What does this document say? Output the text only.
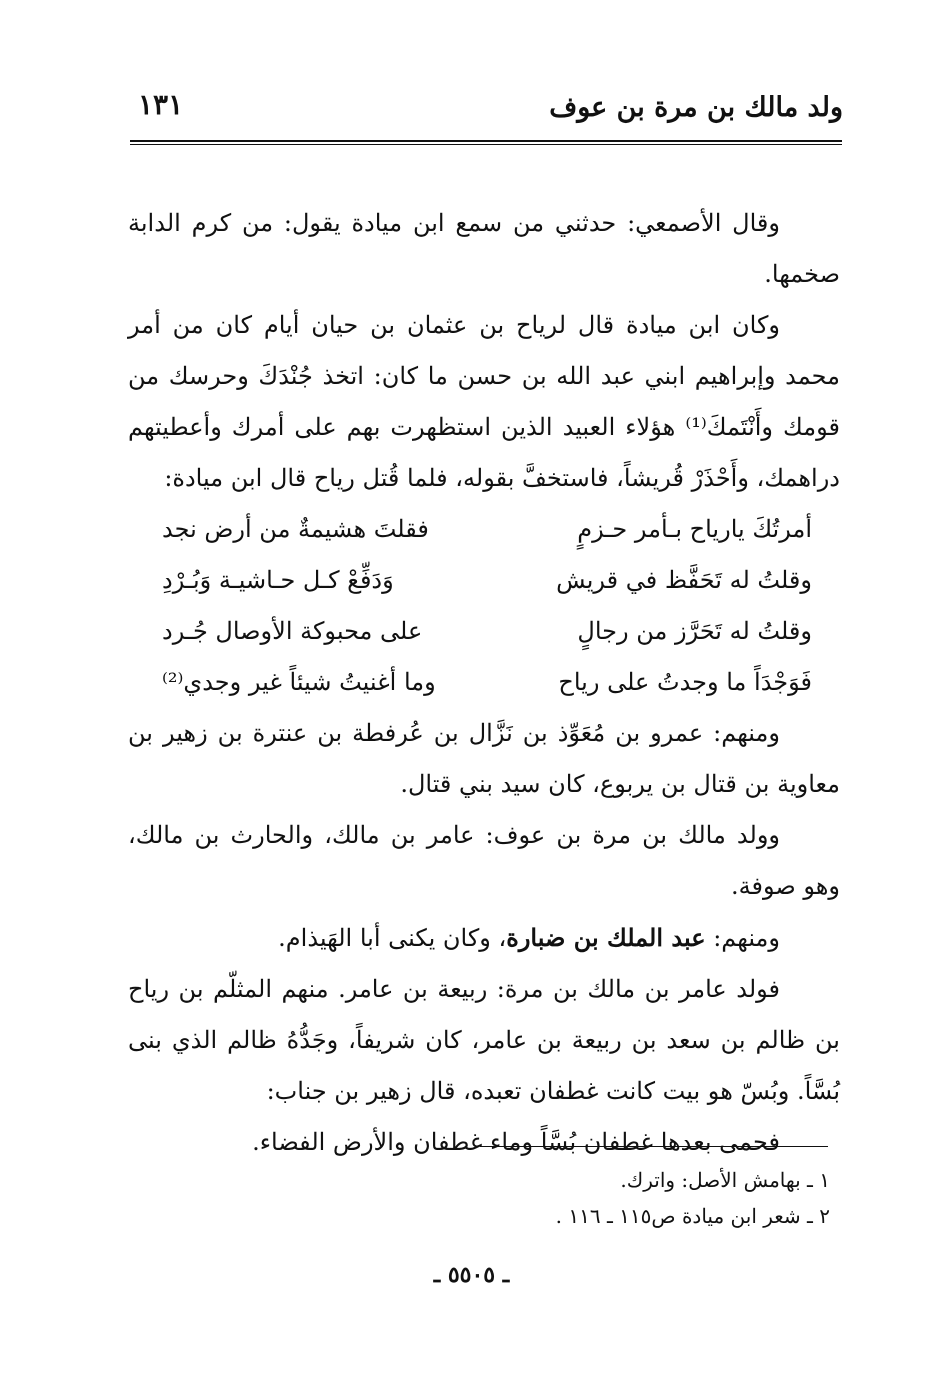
ولد مالك بن مرة بن عوف
١٣١

وقال الأصمعي: حدثني من سمع ابن ميادة يقول: من كرم الدابة صخمها.

وكان ابن ميادة قال لرياح بن عثمان بن حيان أيام كان من أمر محمد وإبراهيم ابني عبد الله بن حسن ما كان: اتخذ جُنْدَكَ وحرسك من قومك وأَنْتَمكَ⁽¹⁾ هؤلاء العبيد الذين استظهرت بهم على أمرك وأعطيتهم دراهمك، وأَحْذَرْ قُريشاً، فاستخفَّ بقوله، فلما قُتل رياح قال ابن ميادة:

أمرتُكَ يارياح بـأمر حـزمٍ
فقلتَ هشيمةٌ من أرض نجد
وقلتُ له تَحَفَّظ في قريش
وَدَفِّعْ كـل حـاشيـة وَبُـرْدِ
وقلتُ له تَحَرَّز من رجالٍ
على محبوكة الأوصال جُـرد
فَوَجْدَاً ما وجدتُ على رياح
وما أغنيتُ شيئاً غير وجدي⁽²⁾

ومنهم: عمرو بن مُعَوِّذ بن نَزَّال بن عُرفطة بن عنترة بن زهير بن معاوية بن قتال بن يربوع، كان سيد بني قتال.

وولد مالك بن مرة بن عوف: عامر بن مالك، والحارث بن مالك، وهو صوفة.

ومنهم: عبد الملك بن ضبارة، وكان يكنى أبا الهَيذام.

فولد عامر بن مالك بن مرة: ربيعة بن عامر. منهم المثلّم بن رياح بن ظالم بن سعد بن ربيعة بن عامر، كان شريفاً، وجَدُّهُ ظالم الذي بنى بُسَّاً. وبُسّ هو بيت كانت غطفان تعبده، قال زهير بن جناب:

فحمى بعدها غطفان بُسَّاً وماء غطفان والأرض الفضاء.

١ ـ بهامش الأصل: واترك.

٢ ـ شعر ابن ميادة ص١١٥ ـ ١١٦ .

ـ ٥٥٠٥ ـ
